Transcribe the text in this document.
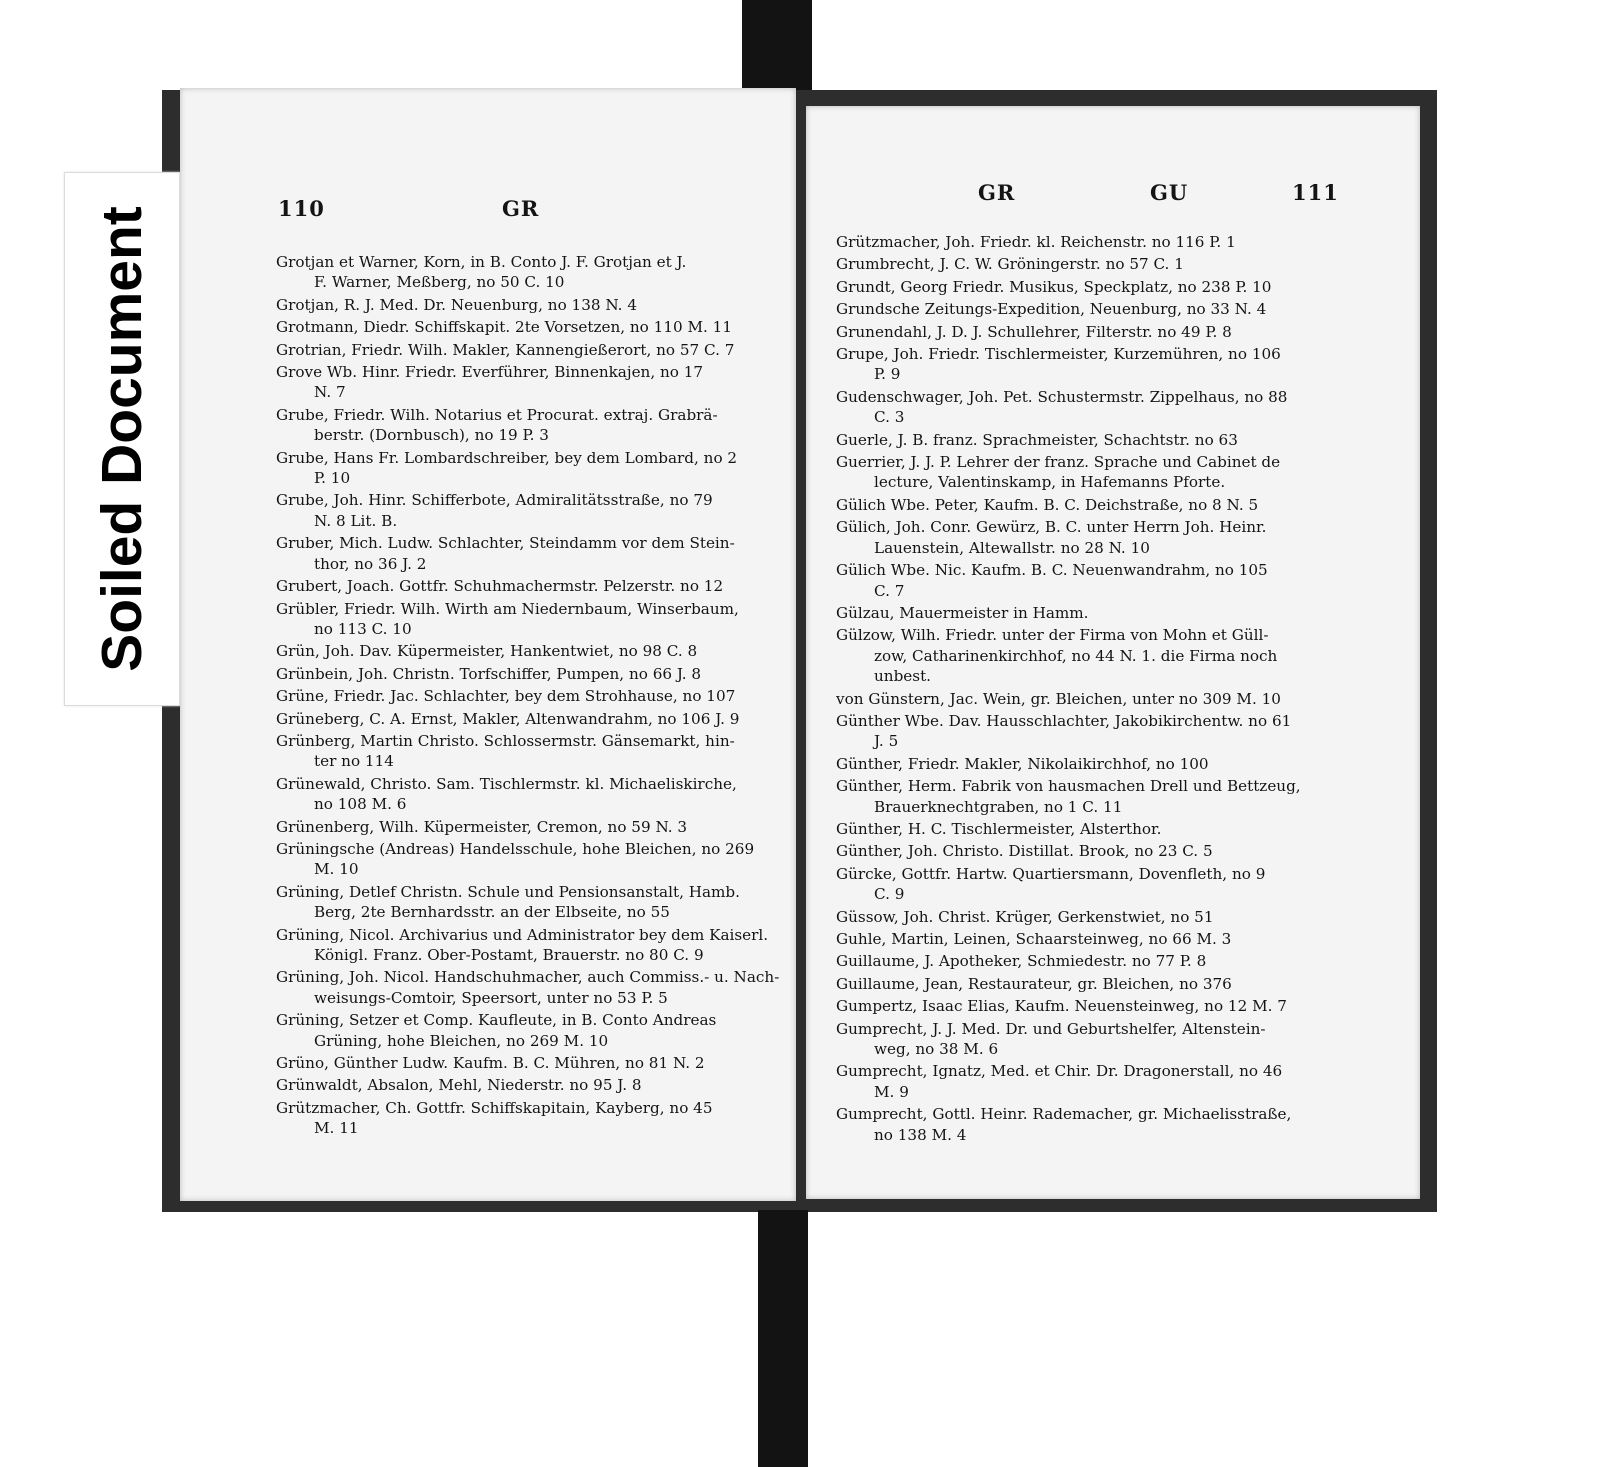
Soiled Document	110	GR
GR	GU	111
Grotjan et Warner, Korn, in B. Conto J. F. Grotjan et J.
F. Warner, Meßberg, no 50 C. 10
Grotjan, R. J. Med. Dr. Neuenburg, no 138 N. 4
Grotmann, Diedr. Schiffskapit. 2te Vorsetzen, no 110 M. 11
Grotrian, Friedr. Wilh. Makler, Kannengießerort, no 57 C. 7
Grove Wb. Hinr. Friedr. Everführer, Binnenkajen, no 17
N. 7
Grube, Friedr. Wilh. Notarius et Procurat. extraj. Grabrä-
berstr. (Dornbusch), no 19 P. 3
Grube, Hans Fr. Lombardschreiber, bey dem Lombard, no 2
P. 10
Grube, Joh. Hinr. Schifferbote, Admiralitätsstraße, no 79
N. 8 Lit. B.
Gruber, Mich. Ludw. Schlachter, Steindamm vor dem Stein-
thor, no 36 J. 2
Grubert, Joach. Gottfr. Schuhmachermstr. Pelzerstr. no 12
Grübler, Friedr. Wilh. Wirth am Niedernbaum, Winserbaum,
no 113 C. 10
Grün, Joh. Dav. Küpermeister, Hankentwiet, no 98 C. 8
Grünbein, Joh. Christn. Torfschiffer, Pumpen, no 66 J. 8
Grüne, Friedr. Jac. Schlachter, bey dem Strohhause, no 107
Grüneberg, C. A. Ernst, Makler, Altenwandrahm, no 106 J. 9
Grünberg, Martin Christo. Schlossermstr. Gänsemarkt, hin-
ter no 114
Grünewald, Christo. Sam. Tischlermstr. kl. Michaeliskirche,
no 108 M. 6
Grünenberg, Wilh. Küpermeister, Cremon, no 59 N. 3
Grüningsche (Andreas) Handelsschule, hohe Bleichen, no 269
M. 10
Grüning, Detlef Christn. Schule und Pensionsanstalt, Hamb.
Berg, 2te Bernhardsstr. an der Elbseite, no 55
Grüning, Nicol. Archivarius und Administrator bey dem Kaiserl.
Königl. Franz. Ober-Postamt, Brauerstr. no 80 C. 9
Grüning, Joh. Nicol. Handschuhmacher, auch Commiss.- u. Nach-
weisungs-Comtoir, Speersort, unter no 53 P. 5
Grüning, Setzer et Comp. Kaufleute, in B. Conto Andreas
Grüning, hohe Bleichen, no 269 M. 10
Grüno, Günther Ludw. Kaufm. B. C. Mühren, no 81 N. 2
Grünwaldt, Absalon, Mehl, Niederstr. no 95 J. 8
Grützmacher, Ch. Gottfr. Schiffskapitain, Kayberg, no 45
M. 11
Grützmacher, Joh. Friedr. kl. Reichenstr. no 116 P. 1
Grumbrecht, J. C. W. Gröningerstr. no 57 C. 1
Grundt, Georg Friedr. Musikus, Speckplatz, no 238 P. 10
Grundsche Zeitungs-Expedition, Neuenburg, no 33 N. 4
Grunendahl, J. D. J. Schullehrer, Filterstr. no 49 P. 8
Grupe, Joh. Friedr. Tischlermeister, Kurzemühren, no 106
P. 9
Gudenschwager, Joh. Pet. Schustermstr. Zippelhaus, no 88
C. 3
Guerle, J. B. franz. Sprachmeister, Schachtstr. no 63
Guerrier, J. J. P. Lehrer der franz. Sprache und Cabinet de
lecture, Valentinskamp, in Hafemanns Pforte.
Gülich Wbe. Peter, Kaufm. B. C. Deichstraße, no 8 N. 5
Gülich, Joh. Conr. Gewürz, B. C. unter Herrn Joh. Heinr.
Lauenstein, Altewallstr. no 28 N. 10
Gülich Wbe. Nic. Kaufm. B. C. Neuenwandrahm, no 105
C. 7
Gülzau, Mauermeister in Hamm.
Gülzow, Wilh. Friedr. unter der Firma von Mohn et Güll-
zow, Catharinenkirchhof, no 44 N. 1. die Firma noch
unbest.
von Günstern, Jac. Wein, gr. Bleichen, unter no 309 M. 10
Günther Wbe. Dav. Hausschlachter, Jakobikirchentw. no 61
J. 5
Günther, Friedr. Makler, Nikolaikirchhof, no 100
Günther, Herm. Fabrik von hausmachen Drell und Bettzeug,
Brauerknechtgraben, no 1 C. 11
Günther, H. C. Tischlermeister, Alsterthor.
Günther, Joh. Christo. Distillat. Brook, no 23 C. 5
Gürcke, Gottfr. Hartw. Quartiersmann, Dovenfleth, no 9
C. 9
Güssow, Joh. Christ. Krüger, Gerkenstwiet, no 51
Guhle, Martin, Leinen, Schaarsteinweg, no 66 M. 3
Guillaume, J. Apotheker, Schmiedestr. no 77 P. 8
Guillaume, Jean, Restaurateur, gr. Bleichen, no 376
Gumpertz, Isaac Elias, Kaufm. Neuensteinweg, no 12 M. 7
Gumprecht, J. J. Med. Dr. und Geburtshelfer, Altenstein-
weg, no 38 M. 6
Gumprecht, Ignatz, Med. et Chir. Dr. Dragonerstall, no 46
M. 9
Gumprecht, Gottl. Heinr. Rademacher, gr. Michaelisstraße,
no 138 M. 4
